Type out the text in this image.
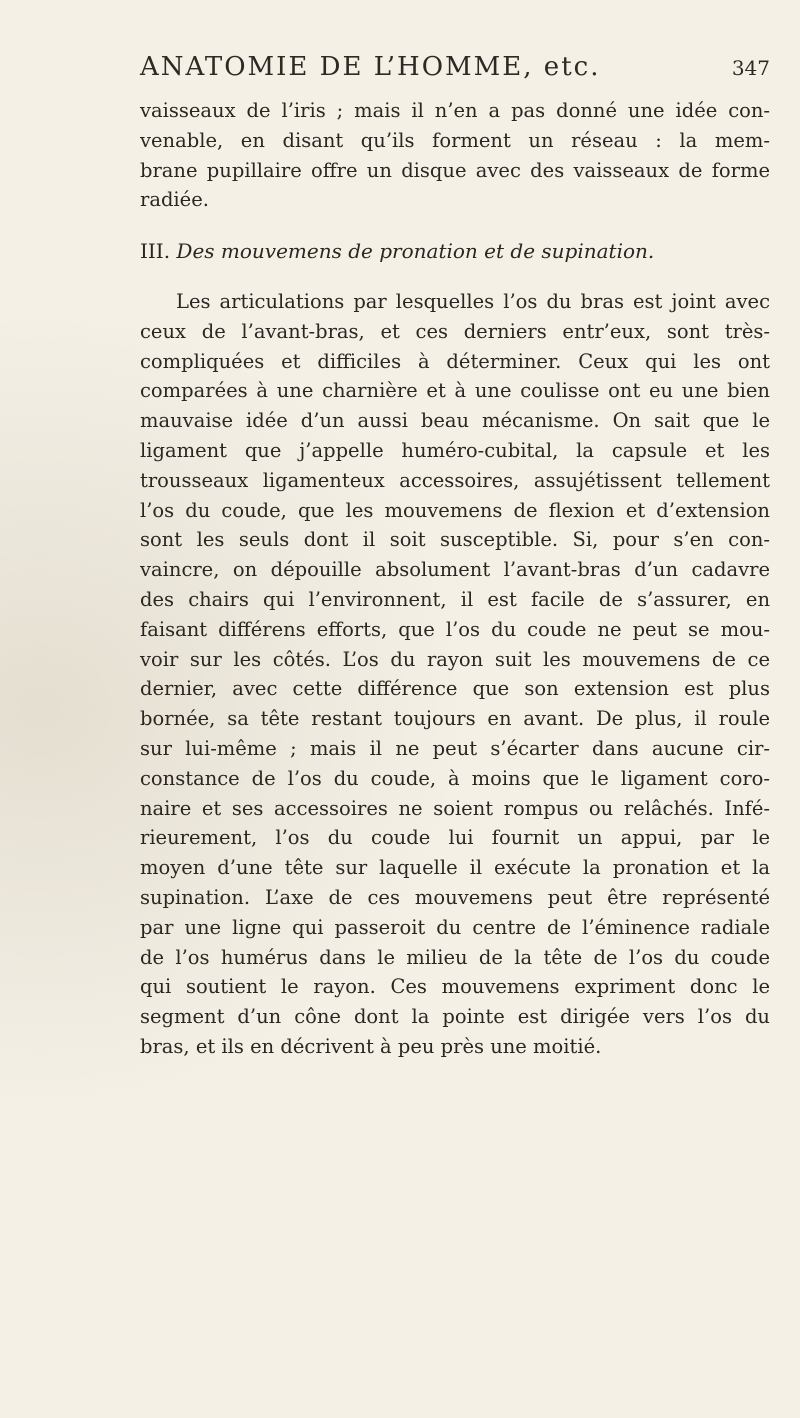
ANATOMIE DE L’HOMME, etc.	347
vaisseaux de l’iris ; mais il n’en a pas donné une idée con-
venable, en disant qu’ils forment un réseau : la mem-
brane pupillaire offre un disque avec des vaisseaux de forme
radiée.
III. Des mouvemens de pronation et de supination.
Les articulations par lesquelles l’os du bras est joint avec
ceux de l’avant-bras, et ces derniers entr’eux, sont très-
compliquées et difficiles à déterminer. Ceux qui les ont
comparées à une charnière et à une coulisse ont eu une bien
mauvaise idée d’un aussi beau mécanisme. On sait que le
ligament que j’appelle huméro-cubital, la capsule et les
trousseaux ligamenteux accessoires, assujétissent tellement
l’os du coude, que les mouvemens de flexion et d’extension
sont les seuls dont il soit susceptible. Si, pour s’en con-
vaincre, on dépouille absolument l’avant-bras d’un cadavre
des chairs qui l’environnent, il est facile de s’assurer, en
faisant différens efforts, que l’os du coude ne peut se mou-
voir sur les côtés. L’os du rayon suit les mouvemens de ce
dernier, avec cette différence que son extension est plus
bornée, sa tête restant toujours en avant. De plus, il roule
sur lui-même ; mais il ne peut s’écarter dans aucune cir-
constance de l’os du coude, à moins que le ligament coro-
naire et ses accessoires ne soient rompus ou relâchés. Infé-
rieurement, l’os du coude lui fournit un appui, par le
moyen d’une tête sur laquelle il exécute la pronation et la
supination. L’axe de ces mouvemens peut être représenté
par une ligne qui passeroit du centre de l’éminence radiale
de l’os humérus dans le milieu de la tête de l’os du coude
qui soutient le rayon. Ces mouvemens expriment donc le
segment d’un cône dont la pointe est dirigée vers l’os du
bras, et ils en décrivent à peu près une moitié.
